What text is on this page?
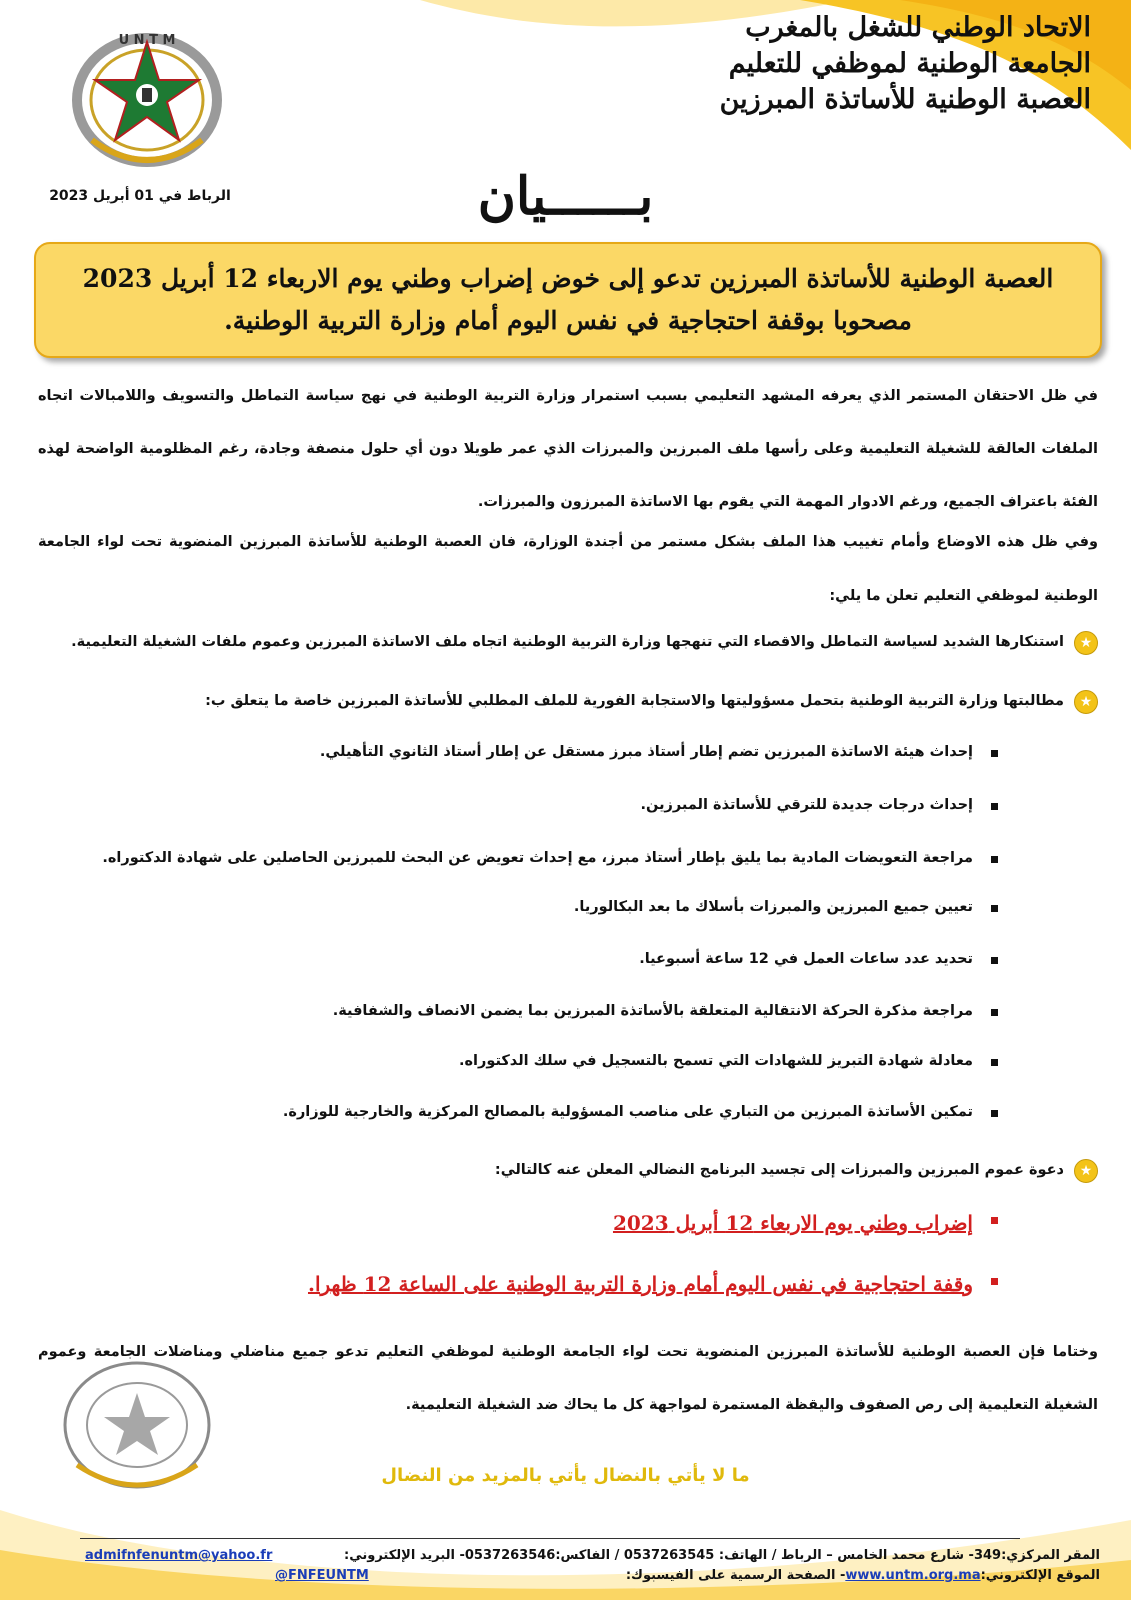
الاتحاد الوطني للشغل بالمغرب
الجامعة الوطنية لموظفي للتعليم
العصبة الوطنية للأساتذة المبرزين
U N T M
الرباط في 01 أبريل 2023	بــــــيان

العصبة الوطنية للأساتذة المبرزين تدعو إلى خوض إضراب وطني يوم الاربعاء 12 أبريل 2023 مصحوبا بوقفة احتجاجية في نفس اليوم أمام وزارة التربية الوطنية.

في ظل الاحتقان المستمر الذي يعرفه المشهد التعليمي بسبب استمرار وزارة التربية الوطنية في نهج سياسة التماطل والتسويف واللامبالات اتجاه الملفات العالقة للشغيلة التعليمية وعلى رأسها ملف المبرزين والمبرزات الذي عمر طويلا دون أي حلول منصفة وجادة، رغم المظلومية الواضحة لهذه الفئة باعتراف الجميع، ورغم الادوار المهمة التي يقوم بها الاساتذة المبرزون والمبرزات.
وفي ظل هذه الاوضاع وأمام تغييب هذا الملف بشكل مستمر من أجندة الوزارة، فان العصبة الوطنية للأساتذة المبرزين المنضوية تحت لواء الجامعة الوطنية لموظفي التعليم تعلن ما يلي:
★
استنكارها الشديد لسياسة التماطل والاقصاء التي تنهجها وزارة التربية الوطنية اتجاه ملف الاساتذة المبرزين وعموم ملفات الشغيلة التعليمية.
★
مطالبتها وزارة التربية الوطنية بتحمل مسؤوليتها والاستجابة الفورية للملف المطلبي للأساتذة المبرزين خاصة ما يتعلق ب:
إحداث هيئة الاساتذة المبرزين تضم إطار أستاذ مبرز مستقل عن إطار أستاذ الثانوي التأهيلي.
إحداث درجات جديدة للترقي للأساتذة المبرزين.
مراجعة التعويضات المادية بما يليق بإطار أستاذ مبرز، مع إحداث تعويض عن البحث للمبرزين الحاصلين على شهادة الدكتوراه.
تعيين جميع المبرزين والمبرزات بأسلاك ما بعد البكالوريا.
تحديد عدد ساعات العمل في 12 ساعة أسبوعيا.
مراجعة مذكرة الحركة الانتقالية المتعلقة بالأساتذة المبرزين بما يضمن الانصاف والشفافية.
معادلة شهادة التبريز للشهادات التي تسمح بالتسجيل في سلك الدكتوراه.
تمكين الأساتذة المبرزين من التباري على مناصب المسؤولية بالمصالح المركزية والخارجية للوزارة.
★
دعوة عموم المبرزين والمبرزات إلى تجسيد البرنامج النضالي المعلن عنه كالتالي:
إضراب وطني يوم الاربعاء 12 أبريل 2023
وقفة احتجاجية في نفس اليوم أمام وزارة التربية الوطنية على الساعة 12 ظهرا.
وختاما فإن العصبة الوطنية للأساتذة المبرزين المنضوية تحت لواء الجامعة الوطنية لموظفي التعليم تدعو جميع مناضلي ومناضلات الجامعة وعموم الشغيلة التعليمية إلى رص الصفوف واليقظة المستمرة لمواجهة كل ما يحاك ضد الشغيلة التعليمية.
ما لا يأتي بالنضال يأتي بالمزيد من النضال
المقر المركزي:349- شارع محمد الخامس – الرباط / الهاتف: 0537263545 / الفاكس:0537263546- البريد الإلكتروني:
admifnfenuntm@yahoo.fr
الموقع الإلكتروني:www.untm.org.ma- الصفحة الرسمية على الفيسبوك:
@FNFEUNTM
